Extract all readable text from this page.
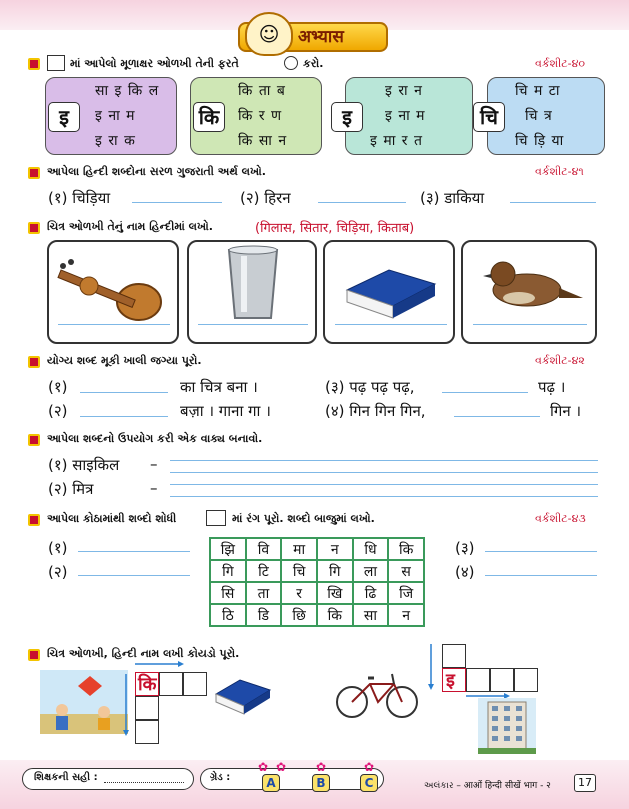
☺	अभ्यास
માં આપેલો મૂળાક્ષર ઓળખી તેની ફરતે	કરો.	વર્કશીટ-૪૦
इ
सा इ कि ल
इ ना म
इ रा क
कि
कि ता ब
कि र ण
कि सा न
इ
इ रा न
इ ना म
इ मा र त
चि
चि म टा
चि त्र
चि ड़ि या
આપેલા હિન્દી શબ્દોના સરળ ગુજરાતી અર્થ લખો.	વર્કશીટ-૪૧
(१) चिड़िया	(२) हिरन	(३) डाकिया
ચિત્ર ઓળખી તેનું નામ હિન્દીમાં લખો.	(गिलास, सितार, चिड़िया, किताब)
યોગ્ય શબ્દ મૂકી ખાલી જગ્યા પૂરો.	વર્કશીટ-૪૨
(१)	का चित्र बना ।
(२)	बज़ा । गाना गा ।
(३) पढ़ पढ़ पढ़,	पढ़ ।
(४) गिन गिन गिन,	गिन ।
આપેલા શબ્દનો ઉપયોગ કરી એક વાક્ય બનાવો.
(१) साइकिल –
(२) मित्र	–
આપેલા કોઠામાંથી શબ્દો શોધી	માં રંગ પૂરો. શબ્દો બાજુમાં લખો.	વર્કશીટ-૪૩
(१)
(२)
(३)
(४)
झि	वि	मा	न	धि	कि
गि	टि	चि	गि	ला	स
सि	ता	र	खि	ढि	जि
ठि	डि	छि	कि	सा	न
ચિત્ર ઓળખી, હિન્દી નામ લખી કોયડો પૂરો.
कि	इ
શિક્ષકની સહી :	ગ્રેડ :	A	B	C
✿ ✿ ✿	✿
અલંકાર – आओं हिन्दी सीखें भाग - २	17
